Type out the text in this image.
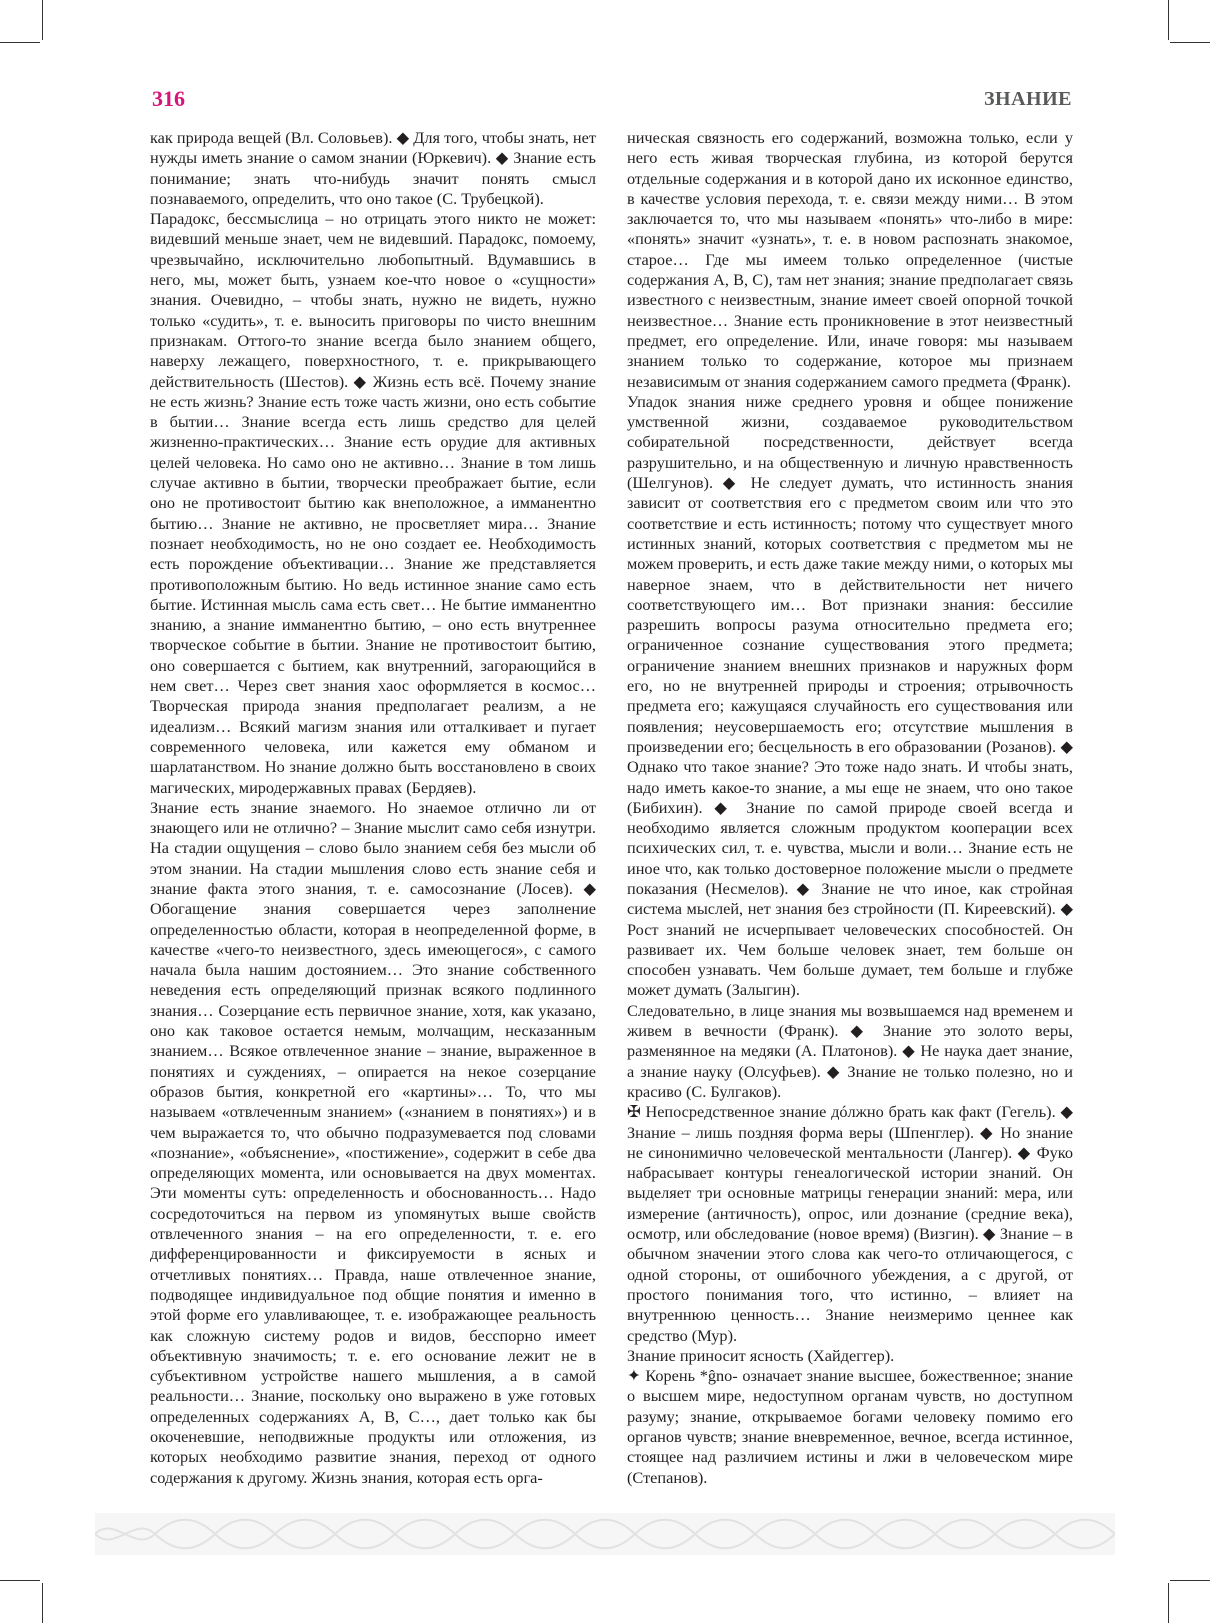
316	ЗНАНИЕ

как природа вещей (Вл. Соловьев). ◆ Для того, чтобы знать, нет нужды иметь знание о самом знании (Юркевич). ◆ Знание есть понимание; знать что-нибудь значит понять смысл познаваемого, определить, что оно такое (С. Трубецкой).

Парадокс, бессмыслица – но отрицать этого никто не может: видевший меньше знает, чем не видевший. Парадокс, помоему, чрезвычайно, исключительно любопытный. Вдумавшись в него, мы, может быть, узнаем кое-что новое о «сущности» знания. Очевидно, – чтобы знать, нужно не видеть, нужно только «судить», т. е. выносить приговоры по чисто внешним признакам. Оттого-то знание всегда было знанием общего, наверху лежащего, поверхностного, т. е. прикрывающего действительность (Шестов). ◆ Жизнь есть всё. Почему знание не есть жизнь? Знание есть тоже часть жизни, оно есть событие в бытии… Знание всегда есть лишь средство для целей жизненно-практических… Знание есть орудие для активных целей человека. Но само оно не активно… Знание в том лишь случае активно в бытии, творчески преображает бытие, если оно не противостоит бытию как внеположное, а имманентно бытию… Знание не активно, не просветляет мира… Знание познает необходимость, но не оно создает ее. Необходимость есть порождение объективации… Знание же представляется противоположным бытию. Но ведь истинное знание само есть бытие. Истинная мысль сама есть свет… Не бытие имманентно знанию, а знание имманентно бытию, – оно есть внутреннее творческое событие в бытии. Знание не противостоит бытию, оно совершается с бытием, как внутренний, загорающийся в нем свет… Через свет знания хаос оформляется в космос… Творческая природа знания предполагает реализм, а не идеализм… Всякий магизм знания или отталкивает и пугает современного человека, или кажется ему обманом и шарлатанством. Но знание должно быть восстановлено в своих магических, миродержавных правах (Бердяев).

Знание есть знание знаемого. Но знаемое отлично ли от знающего или не отлично? – Знание мыслит само себя изнутри. На стадии ощущения – слово было знанием себя без мысли об этом знании. На стадии мышления слово есть знание себя и знание факта этого знания, т. е. самосознание (Лосев). ◆ Обогащение знания совершается через заполнение определенностью области, которая в неопределенной форме, в качестве «чего-то неизвестного, здесь имеющегося», с самого начала была нашим достоянием… Это знание собственного неведения есть определяющий признак всякого подлинного знания… Созерцание есть первичное знание, хотя, как указано, оно как таковое остается немым, молчащим, несказанным знанием… Всякое отвлеченное знание – знание, выраженное в понятиях и суждениях, – опирается на некое созерцание образов бытия, конкретной его «картины»… То, что мы называем «отвлеченным знанием» («знанием в понятиях») и в чем выражается то, что обычно подразумевается под словами «познание», «объяснение», «постижение», содержит в себе два определяющих момента, или основывается на двух моментах. Эти моменты суть: определенность и обоснованность… Надо сосредоточиться на первом из упомянутых выше свойств отвлеченного знания – на его определенности, т. е. его дифференцированности и фиксируемости в ясных и отчетливых понятиях… Правда, наше отвлеченное знание, подводящее индивидуальное под общие понятия и именно в этой форме его улавливающее, т. е. изображающее реальность как сложную систему родов и видов, бесспорно имеет объективную значимость; т. е. его основание лежит не в субъективном устройстве нашего мышления, а в самой реальности… Знание, поскольку оно выражено в уже готовых определенных содержаниях А, В, С…, дает только как бы окоченевшие, неподвижные продукты или отложения, из которых необходимо развитие знания, переход от одного содержания к другому. Жизнь знания, которая есть орга-

ническая связность его содержаний, возможна только, если у него есть живая творческая глубина, из которой берутся отдельные содержания и в которой дано их исконное единство, в качестве условия перехода, т. е. связи между ними… В этом заключается то, что мы называем «понять» что-либо в мире: «понять» значит «узнать», т. е. в новом распознать знакомое, старое… Где мы имеем только определенное (чистые содержания А, В, С), там нет знания; знание предполагает связь известного с неизвестным, знание имеет своей опорной точкой неизвестное… Знание есть проникновение в этот неизвестный предмет, его определение. Или, иначе говоря: мы называем знанием только то содержание, которое мы признаем независимым от знания содержанием самого предмета (Франк).

Упадок знания ниже среднего уровня и общее понижение умственной жизни, создаваемое руководительством собирательной посредственности, действует всегда разрушительно, и на общественную и личную нравственность (Шелгунов). ◆ Не следует думать, что истинность знания зависит от соответствия его с предметом своим или что это соответствие и есть истинность; потому что существует много истинных знаний, которых соответствия с предметом мы не можем проверить, и есть даже такие между ними, о которых мы наверное знаем, что в действительности нет ничего соответствующего им… Вот признаки знания: бессилие разрешить вопросы разума относительно предмета его; ограниченное сознание существования этого предмета; ограничение знанием внешних признаков и наружных форм его, но не внутренней природы и строения; отрывочность предмета его; кажущаяся случайность его существования или появления; неусовершаемость его; отсутствие мышления в произведении его; бесцельность в его образовании (Розанов). ◆ Однако что такое знание? Это тоже надо знать. И чтобы знать, надо иметь какое-то знание, а мы еще не знаем, что оно такое (Бибихин). ◆ Знание по самой природе своей всегда и необходимо является сложным продуктом кооперации всех психических сил, т. е. чувства, мысли и воли… Знание есть не иное что, как только достоверное положение мысли о предмете показания (Несмелов). ◆ Знание не что иное, как стройная система мыслей, нет знания без стройности (П. Киреевский). ◆ Рост знаний не исчерпывает человеческих способностей. Он развивает их. Чем больше человек знает, тем больше он способен узнавать. Чем больше думает, тем больше и глубже может думать (Залыгин).

Следовательно, в лице знания мы возвышаемся над временем и живем в вечности (Франк). ◆ Знание это золото веры, разменянное на медяки (А. Платонов). ◆ Не наука дает знание, а знание науку (Олсуфьев). ◆ Знание не только полезно, но и красиво (С. Булгаков).

✠ Непосредственное знание дóлжно брать как факт (Гегель). ◆ Знание – лишь поздняя форма веры (Шпенглер). ◆ Но знание не синонимично человеческой ментальности (Лангер). ◆ Фуко набрасывает контуры генеалогической истории знаний. Он выделяет три основные матрицы генерации знаний: мера, или измерение (античность), опрос, или дознание (средние века), осмотр, или обследование (новое время) (Визгин). ◆ Знание – в обычном значении этого слова как чего-то отличающегося, с одной стороны, от ошибочного убеждения, а с другой, от простого понимания того, что истинно, – влияет на внутреннюю ценность… Знание неизмеримо ценнее как средство (Мур).

Знание приносит ясность (Хайдеггер).

✦ Корень *ĝno- означает знание высшее, божественное; знание о высшем мире, недоступном органам чувств, но доступном разуму; знание, открываемое богами человеку помимо его органов чувств; знание вневременное, вечное, всегда истинное, стоящее над различием истины и лжи в человеческом мире (Степанов).
